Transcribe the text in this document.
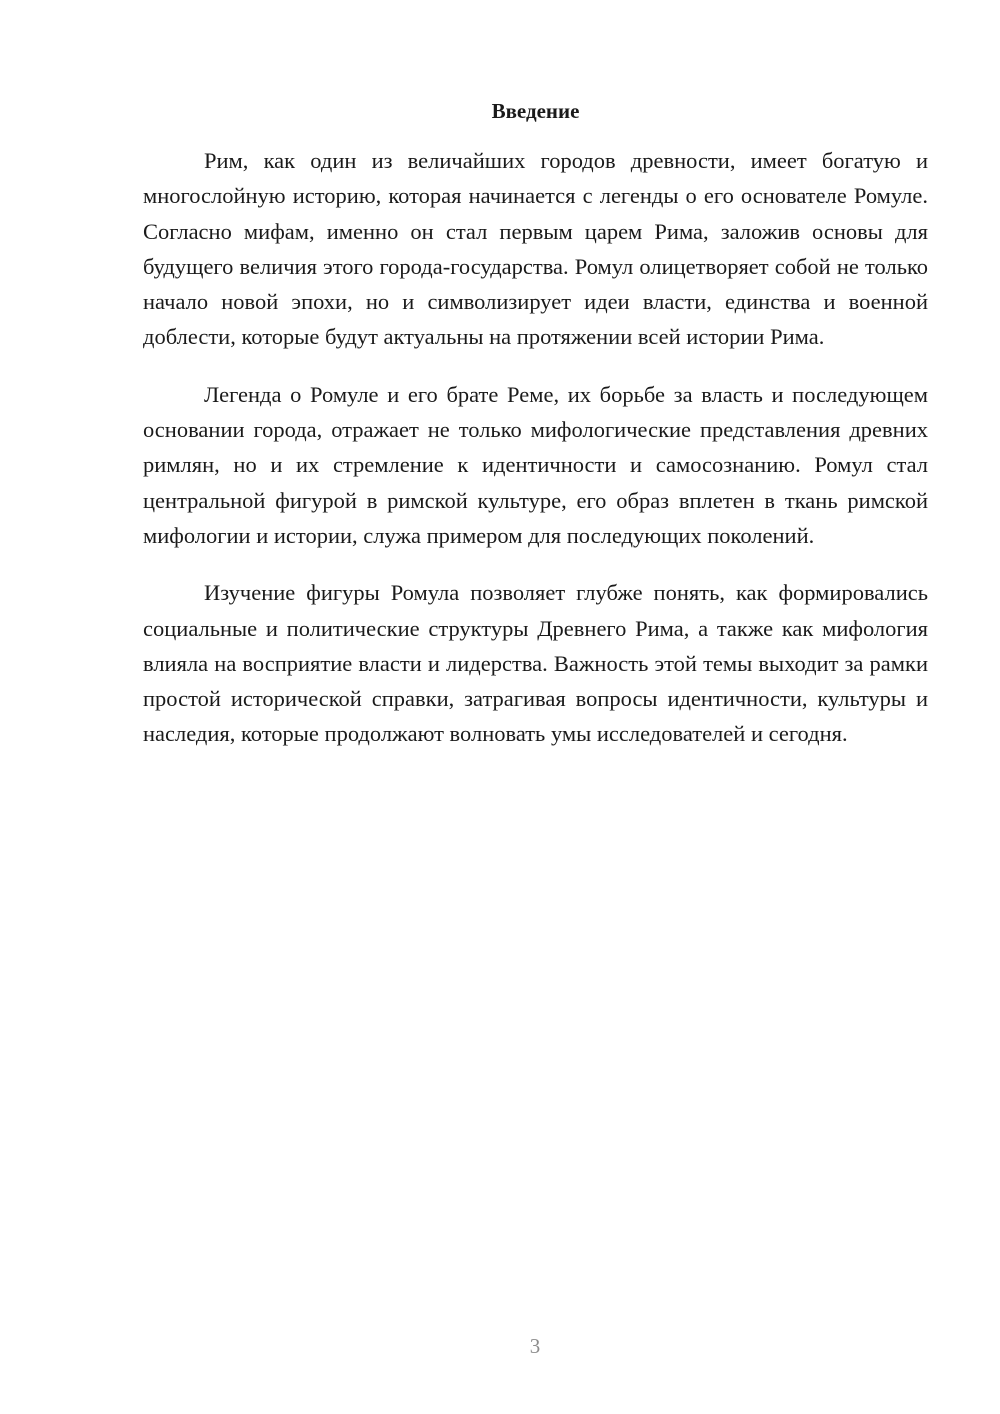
Введение

Рим, как один из величайших городов древности, имеет богатую и многослойную историю, которая начинается с легенды о его основателе Ромуле. Согласно мифам, именно он стал первым царем Рима, заложив основы для будущего величия этого города-государства. Ромул олицетворяет собой не только начало новой эпохи, но и символизирует идеи власти, единства и военной доблести, которые будут актуальны на протяжении всей истории Рима.

Легенда о Ромуле и его брате Реме, их борьбе за власть и последующем основании города, отражает не только мифологические представления древних римлян, но и их стремление к идентичности и самосознанию. Ромул стал центральной фигурой в римской культуре, его образ вплетен в ткань римской мифологии и истории, служа примером для последующих поколений.

Изучение фигуры Ромула позволяет глубже понять, как формировались социальные и политические структуры Древнего Рима, а также как мифология влияла на восприятие власти и лидерства. Важность этой темы выходит за рамки простой исторической справки, затрагивая вопросы идентичности, культуры и наследия, которые продолжают волновать умы исследователей и сегодня.

3
